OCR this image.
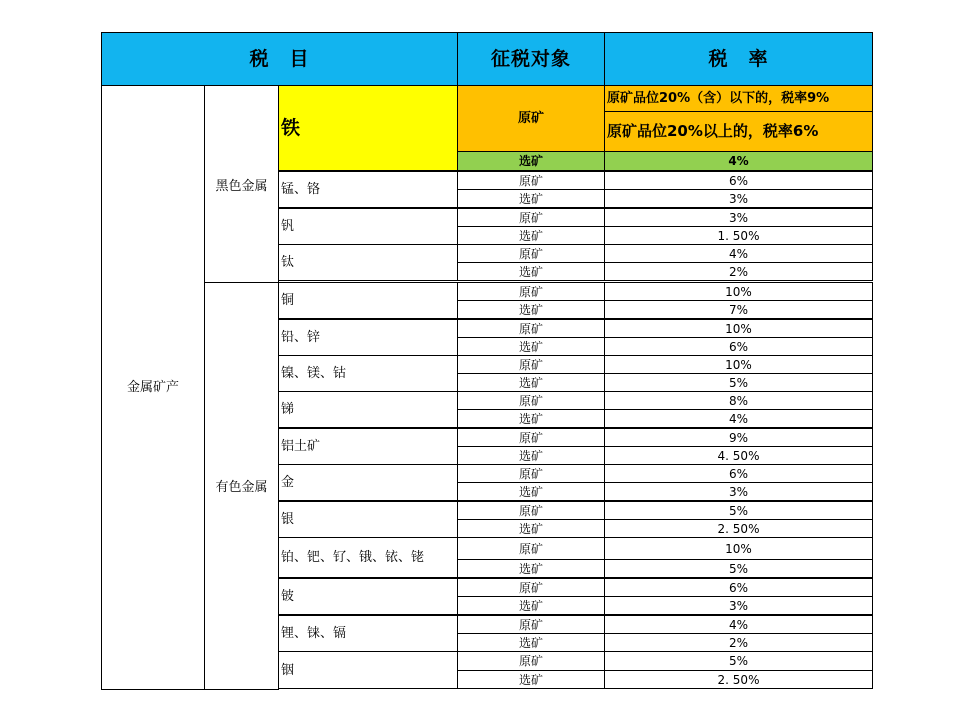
税　目	征税对象	税　率
金属矿产
黑色金属
有色金属
铁	原矿
原矿品位20%（含）以下的，税率9%
原矿品位20%以上的，税率6%
选矿	4%
锰、铬
原矿	6%
选矿	3%
钒
原矿	3%
选矿	1. 50%
钛
原矿	4%
选矿	2%
铜
原矿	10%
选矿	7%
铅、锌
原矿	10%
选矿	6%
镍、镁、钴
原矿	10%
选矿	5%
锑
原矿	8%
选矿	4%
铝土矿
原矿	9%
选矿	4. 50%
金
原矿	6%
选矿	3%
银
原矿	5%
选矿	2. 50%
铂、钯、钌、锇、铱、铑
原矿	10%
选矿	5%
铍
原矿	6%
选矿	3%
锂、铼、镉
原矿	4%
选矿	2%
铟
原矿	5%
选矿	2. 50%
